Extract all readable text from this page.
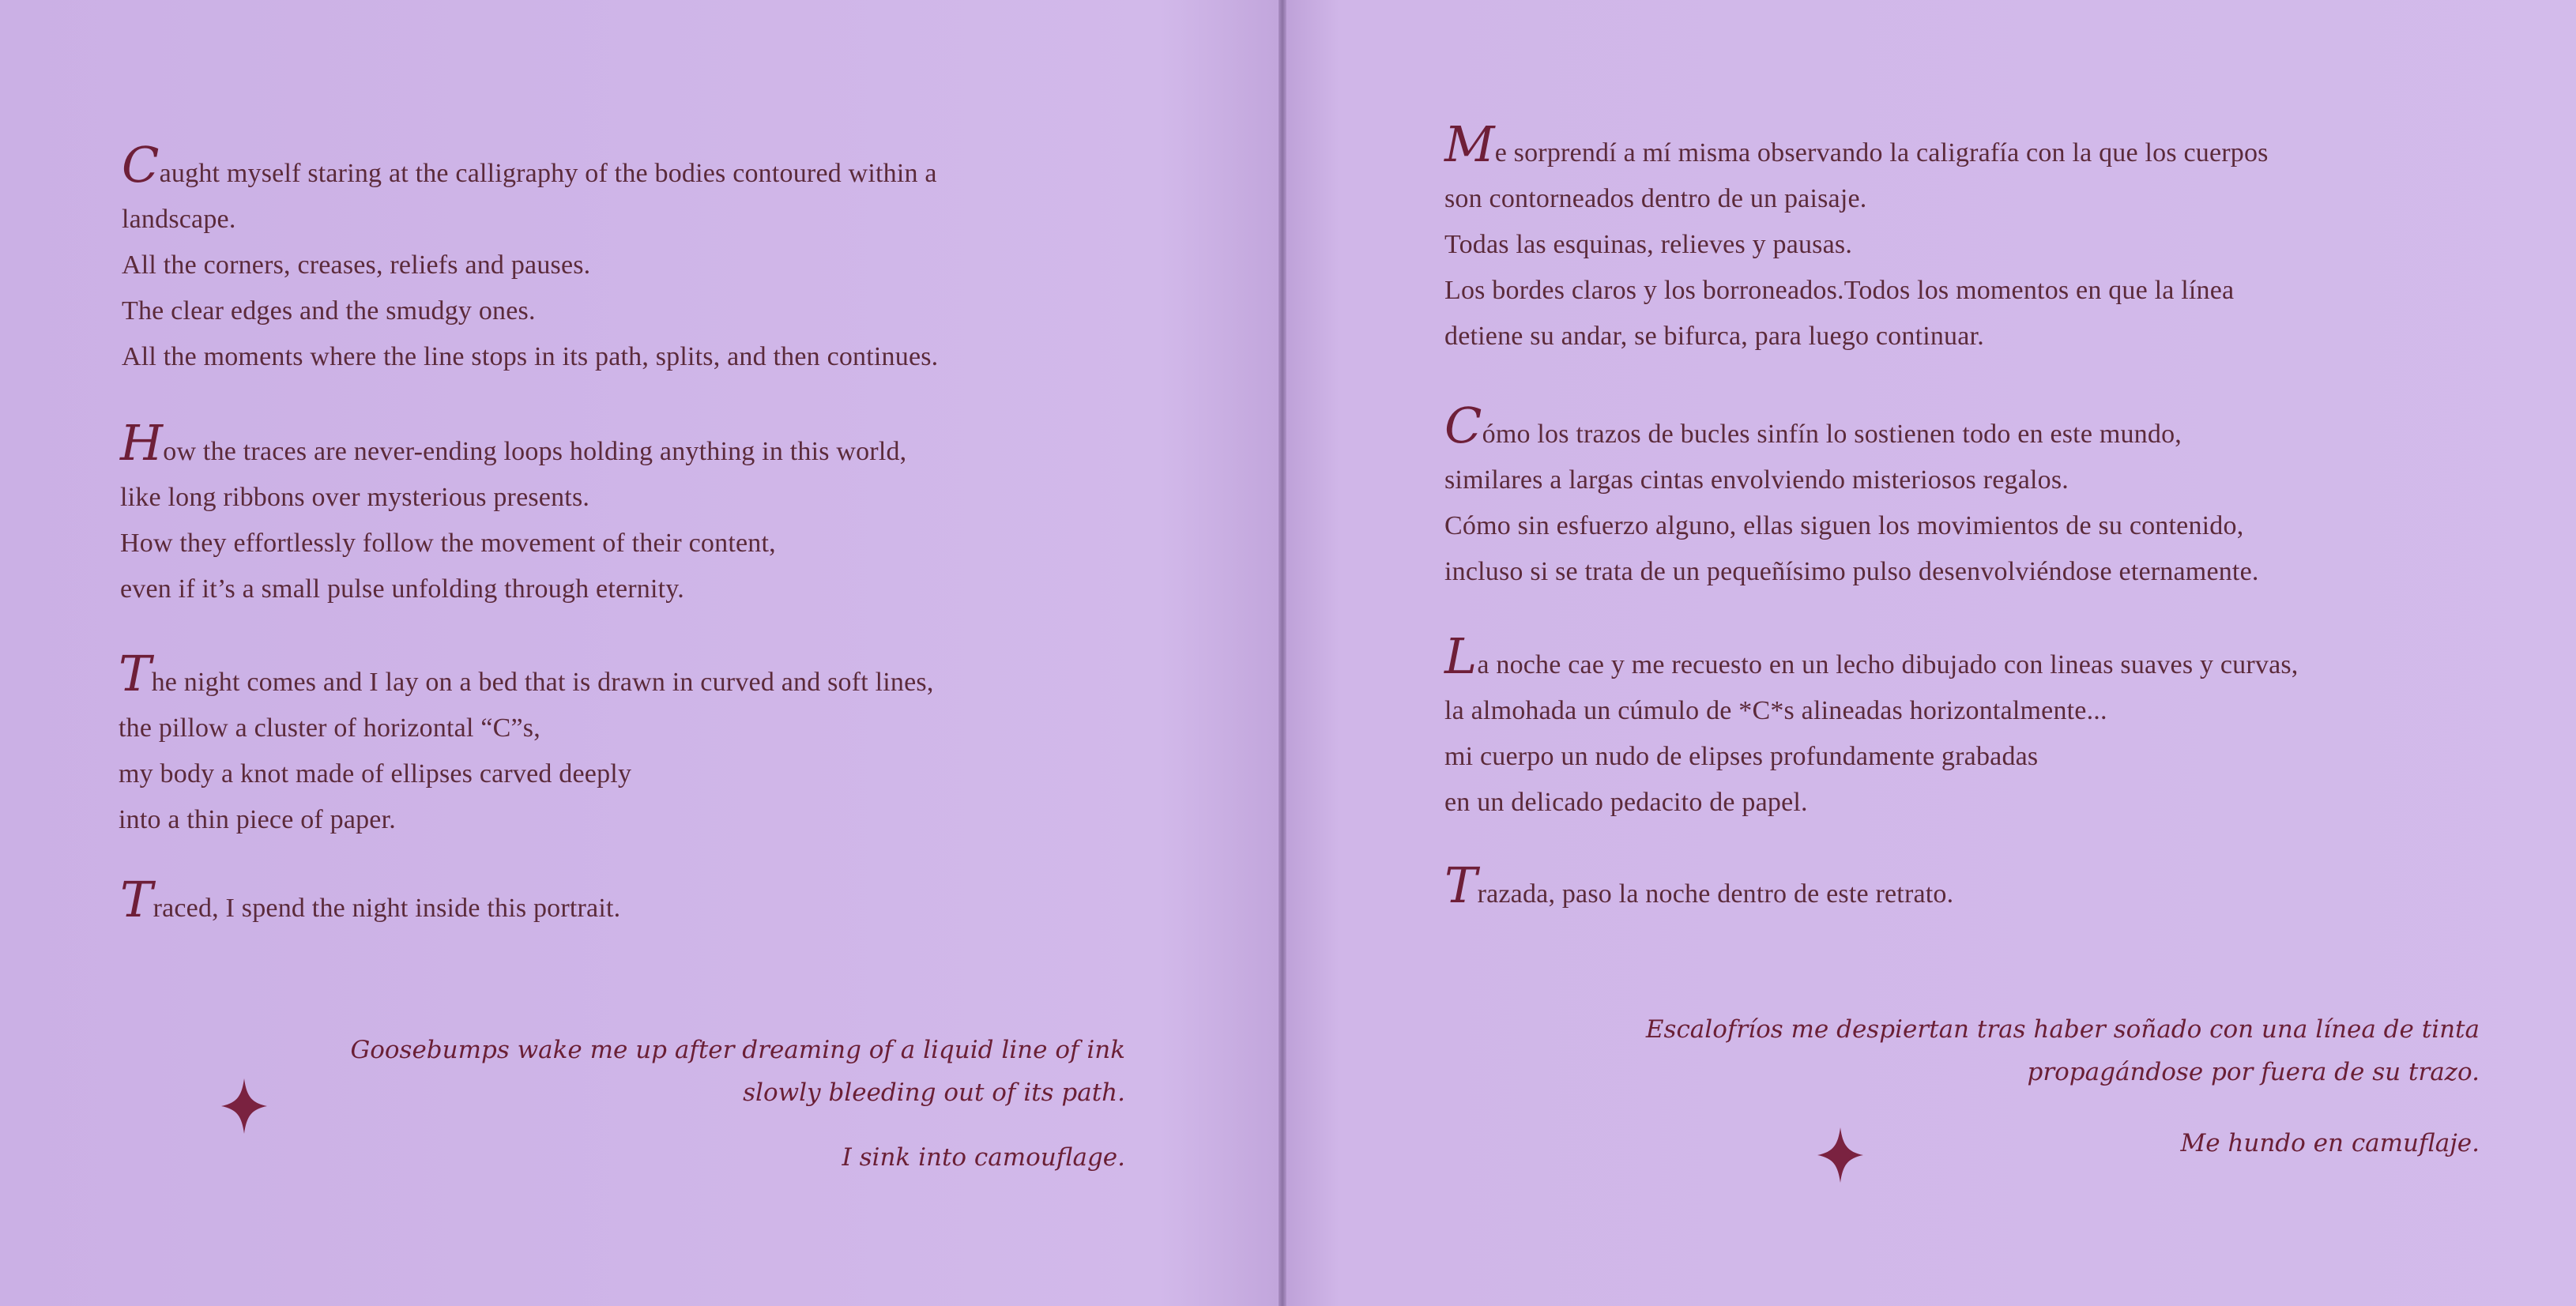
Caught myself staring at the calligraphy of the bodies contoured within a
landscape.
All the corners, creases, reliefs and pauses.
The clear edges and the smudgy ones.
All the moments where the line stops in its path, splits, and then continues.
How the traces are never-ending loops holding anything in this world,
like long ribbons over mysterious presents.
How they effortlessly follow the movement of their content,
even if it’s a small pulse unfolding through eternity.
The night comes and I lay on a bed that is drawn in curved and soft lines,
the pillow a cluster of horizontal “C”s,
my body a knot made of ellipses carved deeply
into a thin piece of paper.
Traced, I spend the night inside this portrait.
Goosebumps wake me up after dreaming of a liquid line of ink
slowly bleeding out of its path.
I sink into camouflage.
Me sorprendí a mí misma observando la caligrafía con la que los cuerpos
son contorneados dentro de un paisaje.
Todas las esquinas, relieves y pausas.
Los bordes claros y los borroneados.Todos los momentos en que la línea
detiene su andar, se bifurca, para luego continuar.
Cómo los trazos de bucles sinfín lo sostienen todo en este mundo,
similares a largas cintas envolviendo misteriosos regalos.
Cómo sin esfuerzo alguno, ellas siguen los movimientos de su contenido,
incluso si se trata de un pequeñísimo pulso desenvolviéndose eternamente.
La noche cae y me recuesto en un lecho dibujado con lineas suaves y curvas,
la almohada un cúmulo de *C*s alineadas horizontalmente...
mi cuerpo un nudo de elipses profundamente grabadas
en un delicado pedacito de papel.
Trazada, paso la noche dentro de este retrato.
Escalofríos me despiertan tras haber soñado con una línea de tinta
propagándose por fuera de su trazo.
Me hundo en camuflaje.
